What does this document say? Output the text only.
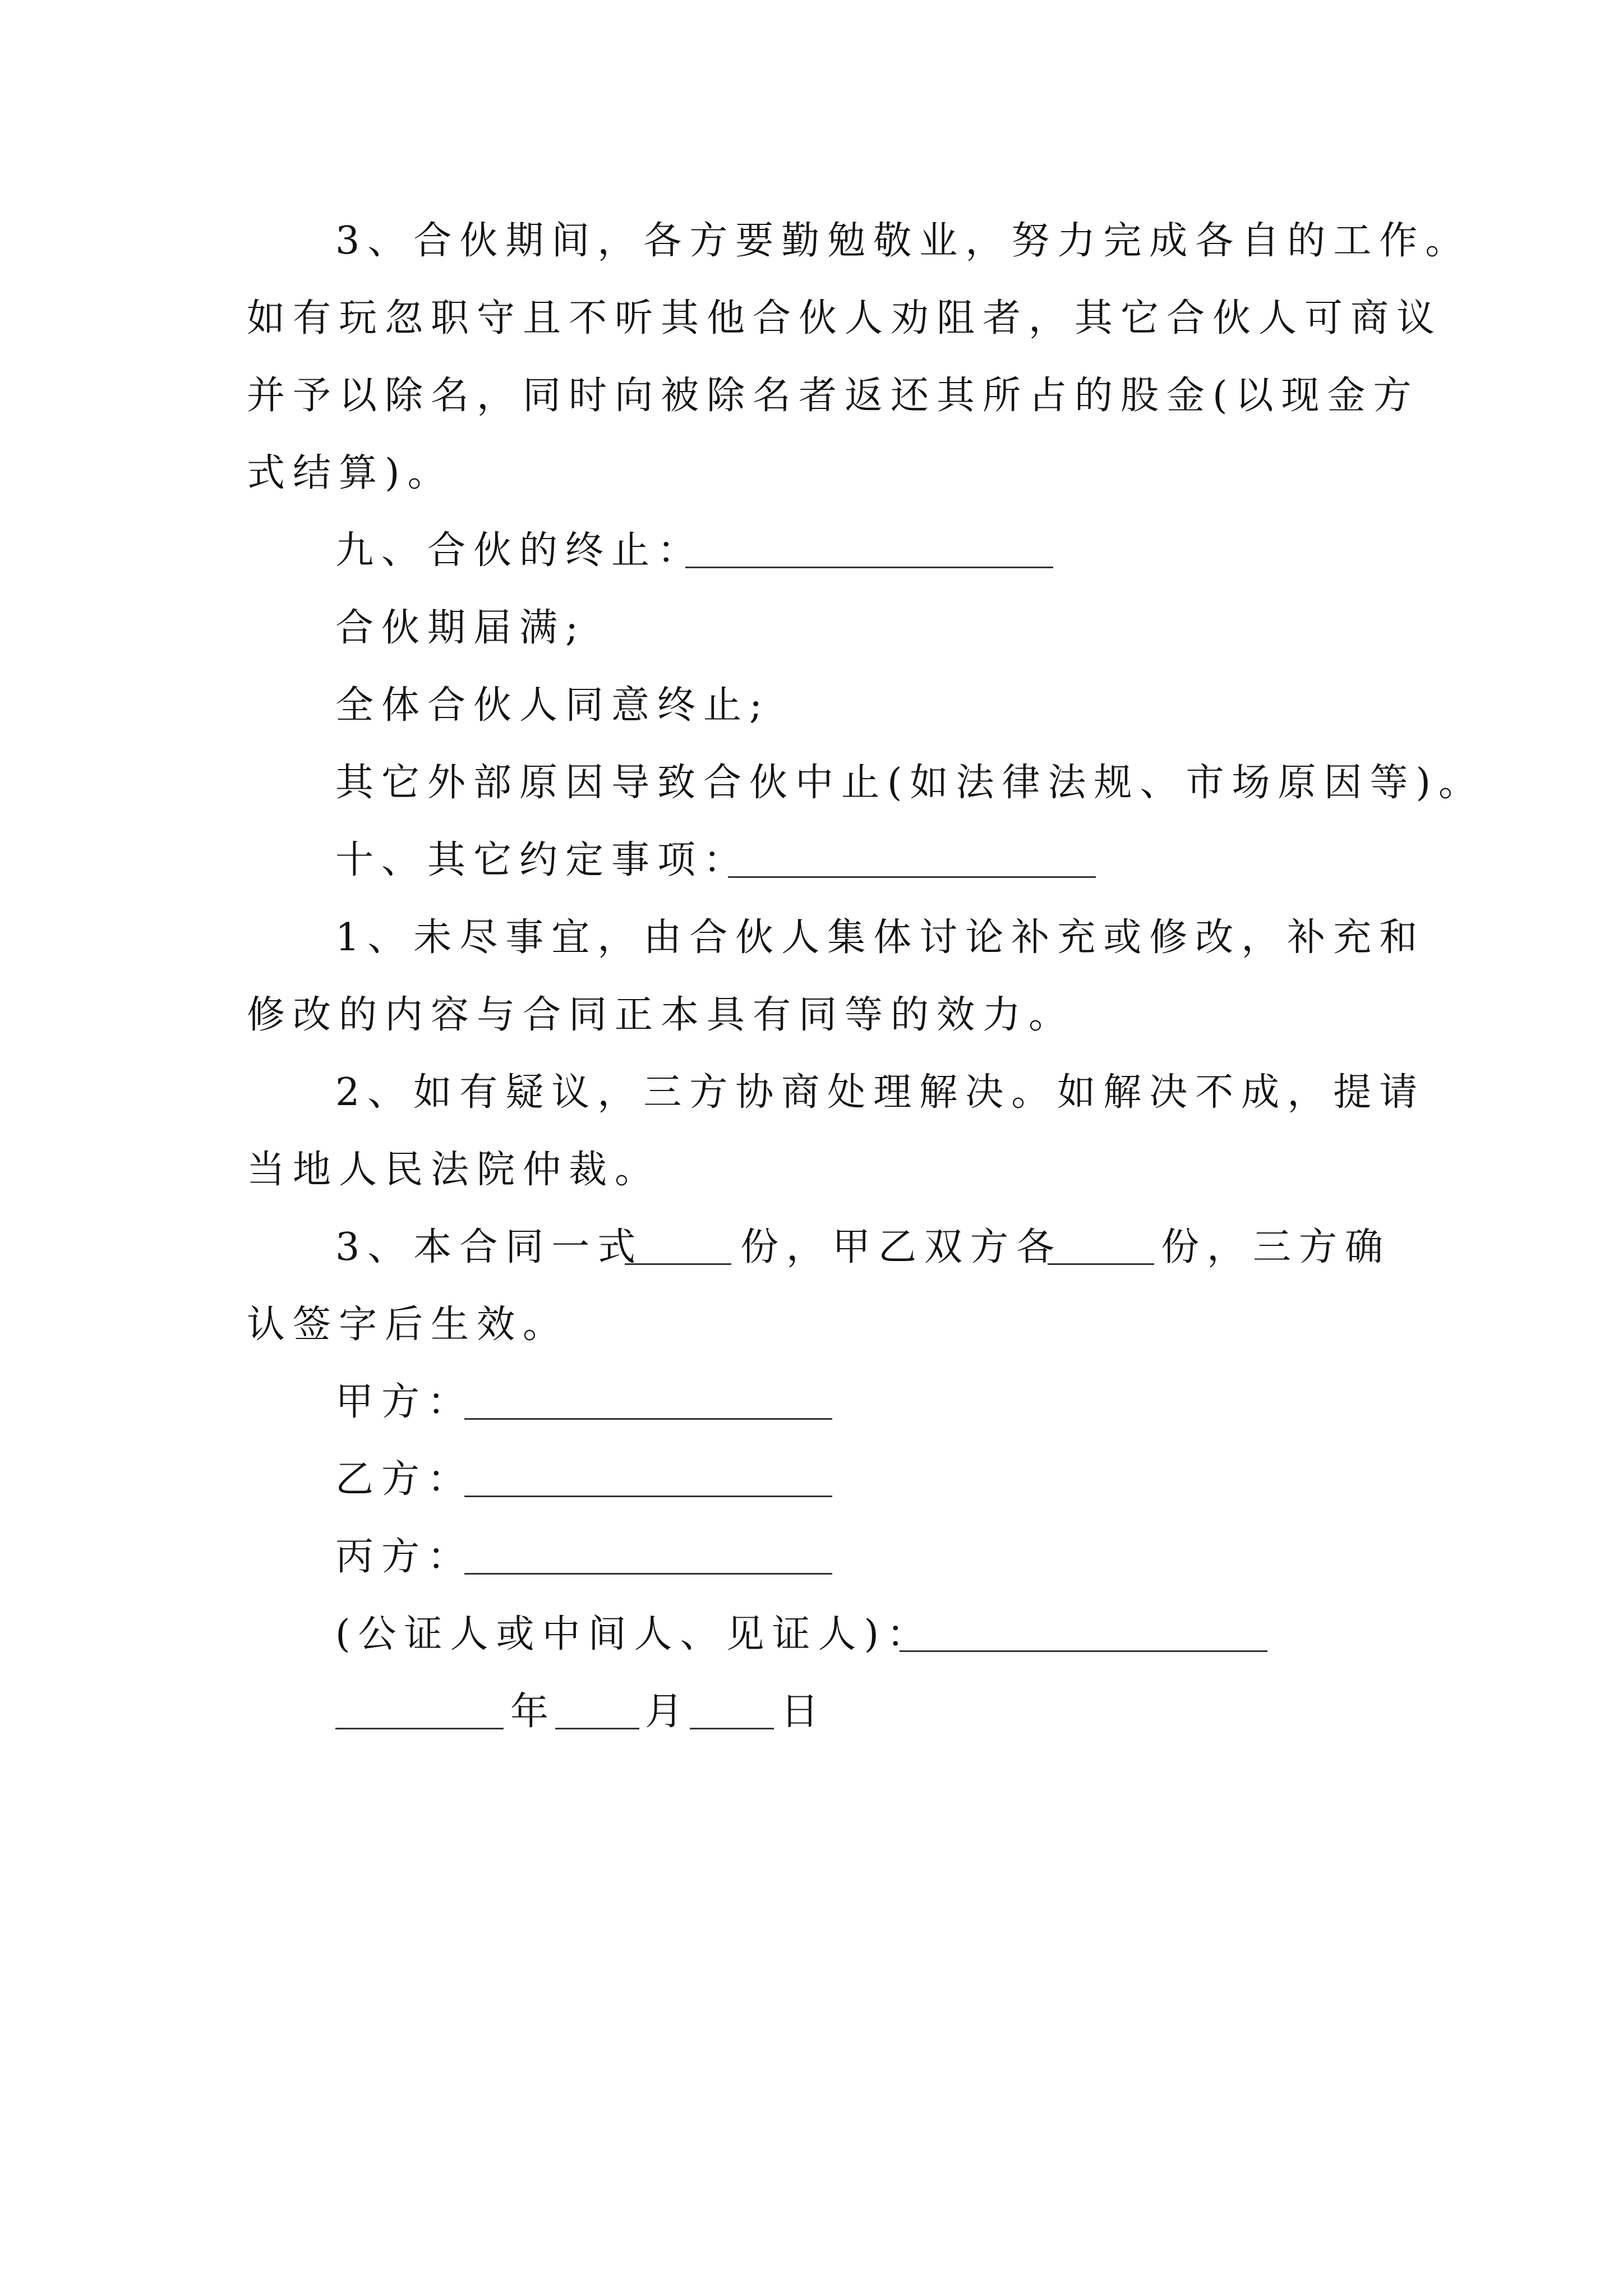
3、合伙期间，各方要勤勉敬业，努力完成各自的工作。
如有玩忽职守且不听其他合伙人劝阻者，其它合伙人可商议
并予以除名，同时向被除名者返还其所占的股金(以现金方
式结算)。
九、合伙的终止：
合伙期届满;
全体合伙人同意终止;
其它外部原因导致合伙中止(如法律法规、市场原因等)。
十、其它约定事项：
1、未尽事宜，由合伙人集体讨论补充或修改，补充和
修改的内容与合同正本具有同等的效力。
2、如有疑议，三方协商处理解决。如解决不成，提请
当地人民法院仲裁。
3、本合同一式	份，甲乙双方各	份，三方确
认签字后生效。
甲方：
乙方：
丙方：
(公证人或中间人、见证人)：
年 月 日
